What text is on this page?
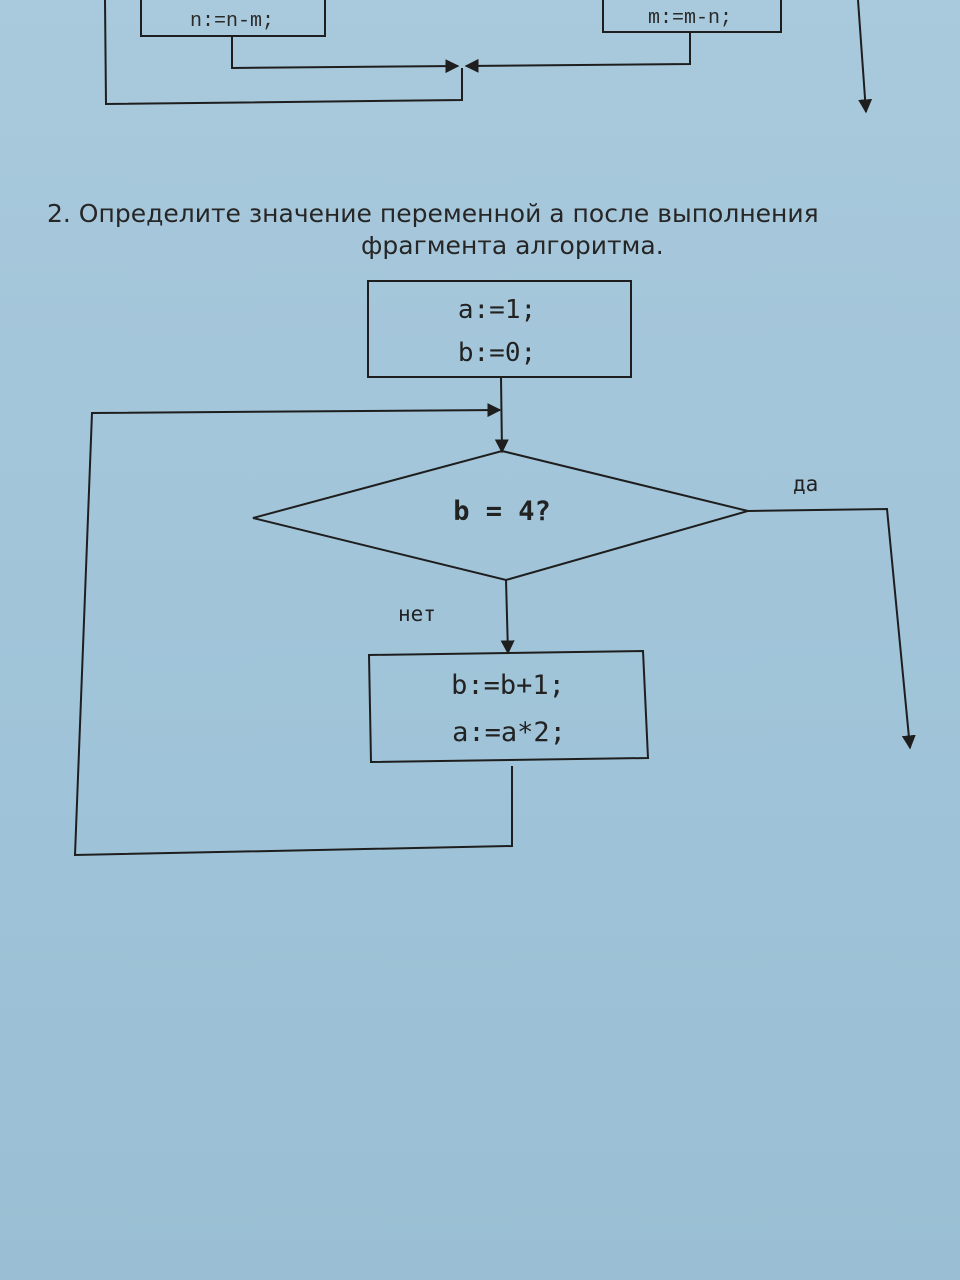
n:=n-m;	m:=m-n;
2. Определите значение переменной а после выполнения
фрагмента алгоритма.
a:=1;
b:=0;
b = 4?
да
нет
b:=b+1;
a:=a*2;
